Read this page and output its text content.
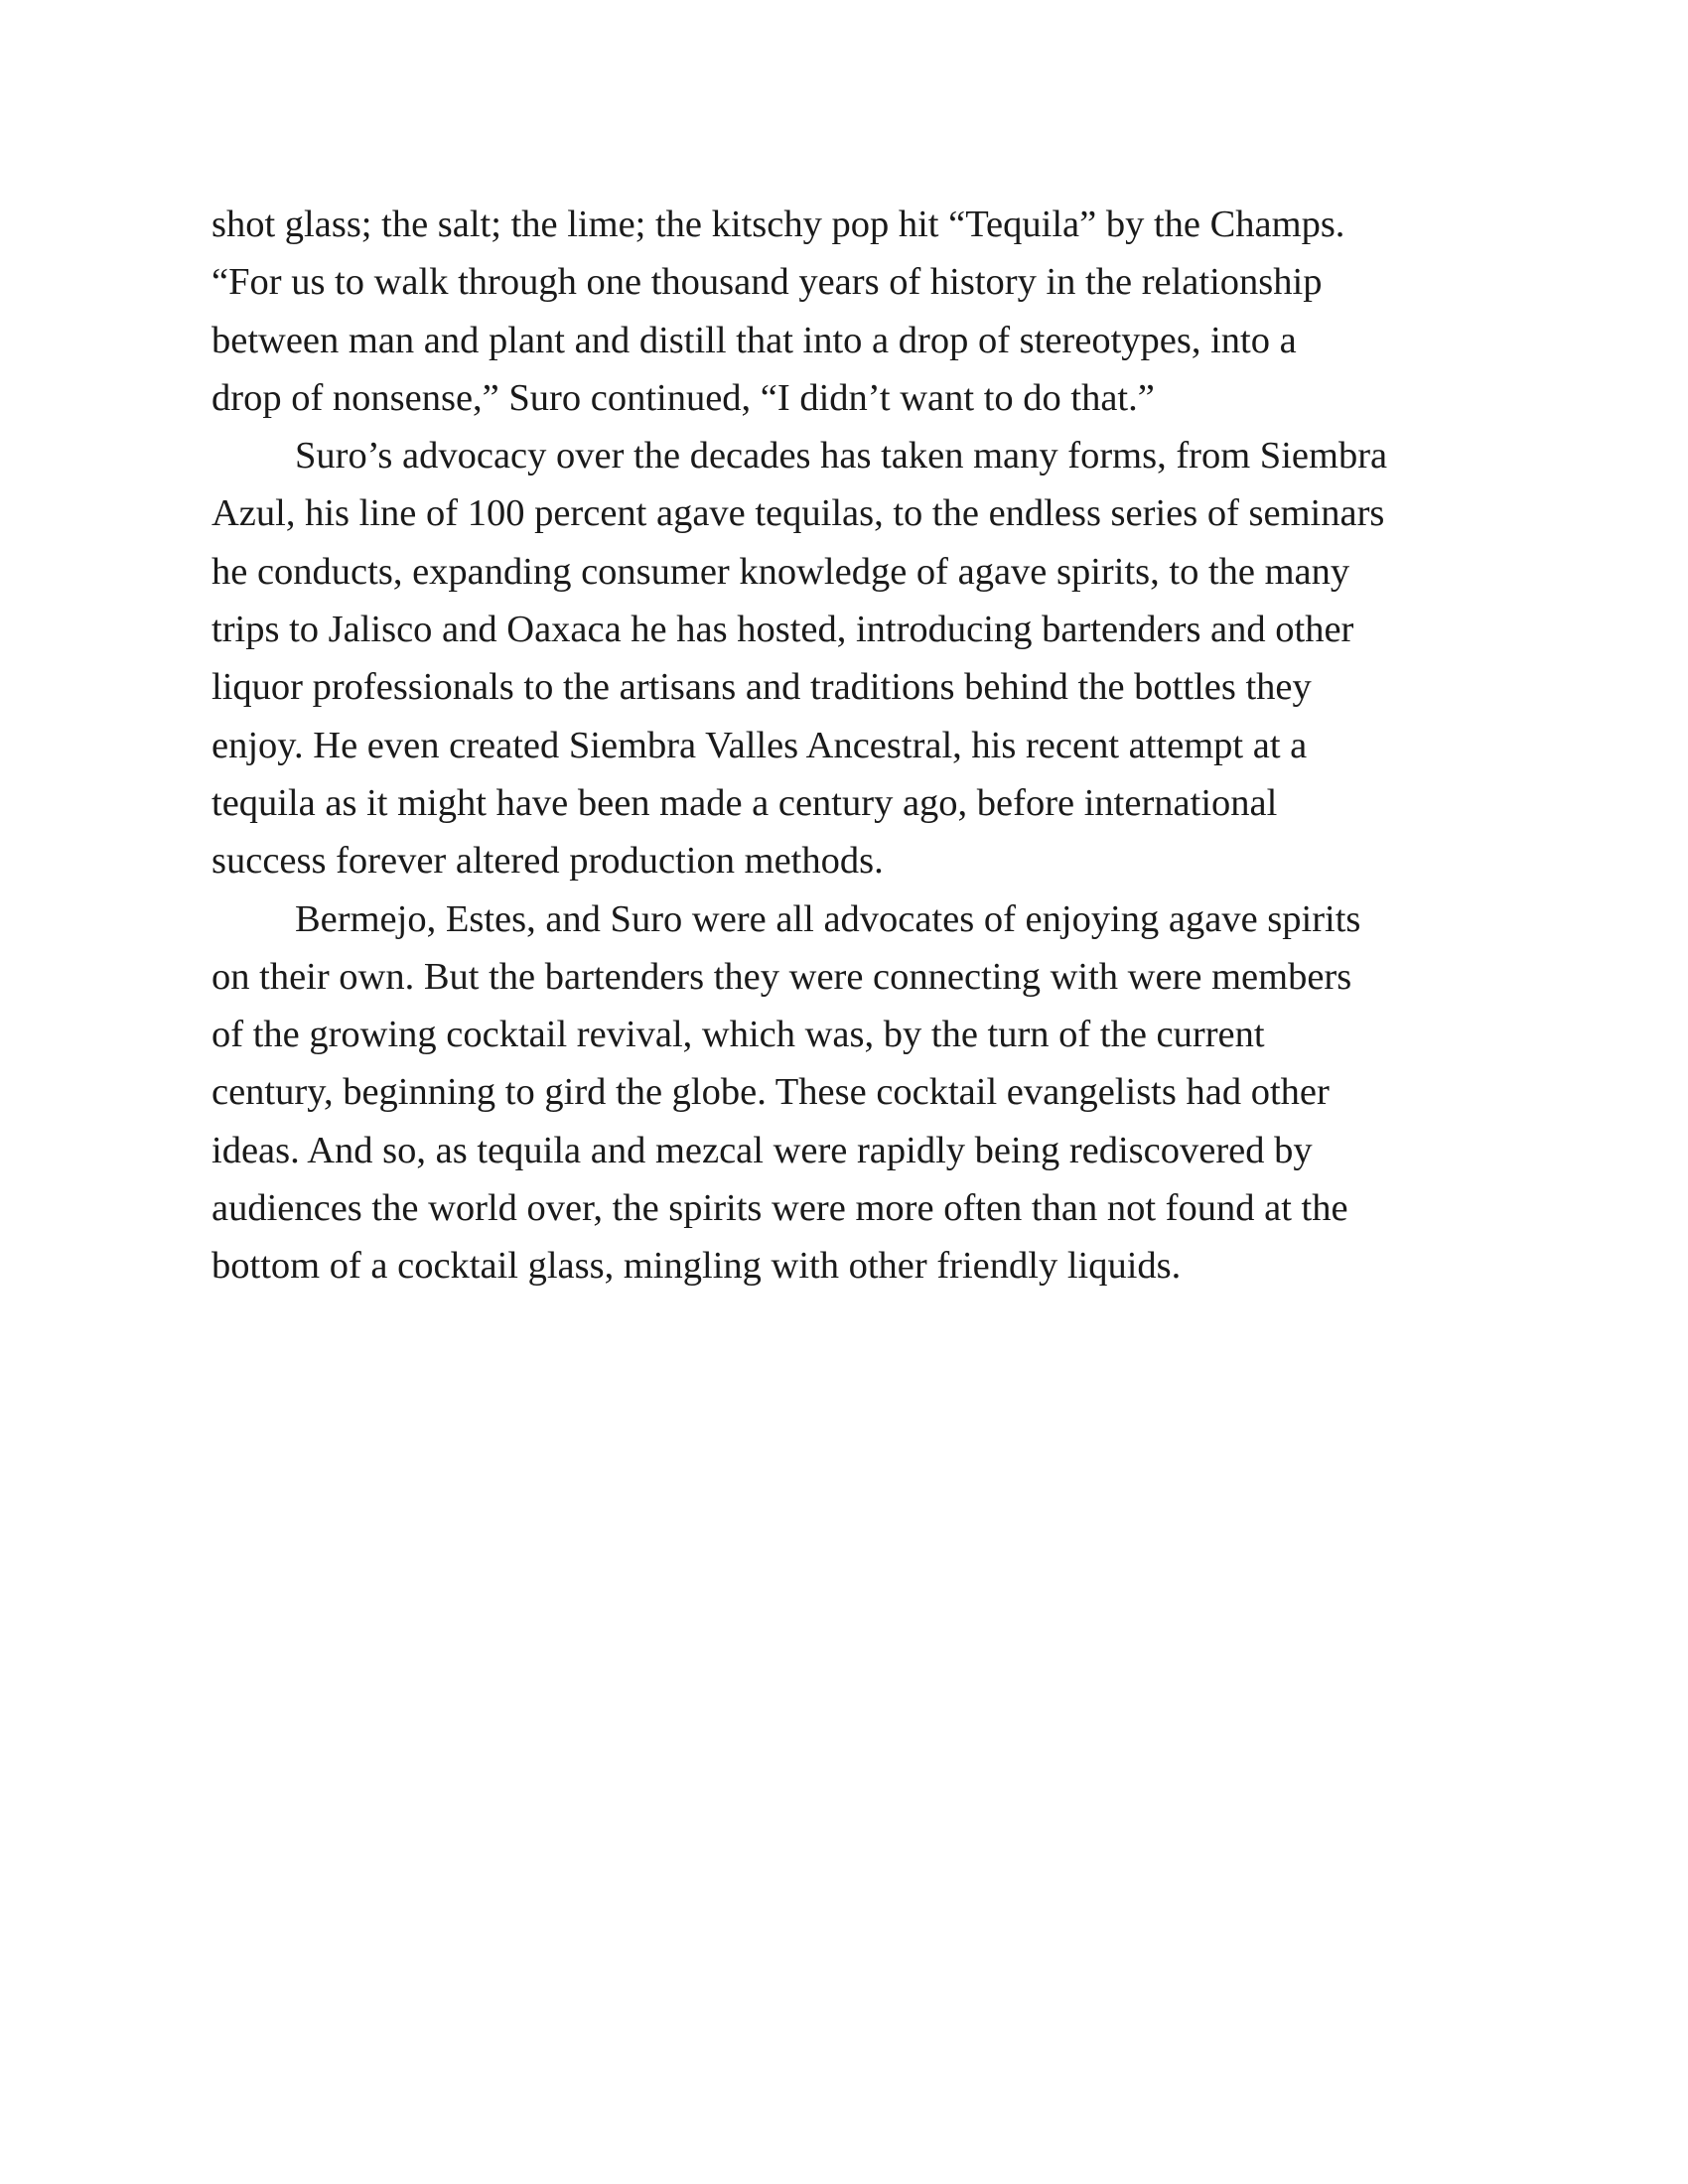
shot glass; the salt; the lime; the kitschy pop hit “Tequila” by the Champs.
“For us to walk through one thousand years of history in the relationship
between man and plant and distill that into a drop of stereotypes, into a
drop of nonsense,” Suro continued, “I didn’t want to do that.”

Suro’s advocacy over the decades has taken many forms, from Siembra
Azul, his line of 100 percent agave tequilas, to the endless series of seminars
he conducts, expanding consumer knowledge of agave spirits, to the many
trips to Jalisco and Oaxaca he has hosted, introducing bartenders and other
liquor professionals to the artisans and traditions behind the bottles they
enjoy. He even created Siembra Valles Ancestral, his recent attempt at a
tequila as it might have been made a century ago, before international
success forever altered production methods.

Bermejo, Estes, and Suro were all advocates of enjoying agave spirits
on their own. But the bartenders they were connecting with were members
of the growing cocktail revival, which was, by the turn of the current
century, beginning to gird the globe. These cocktail evangelists had other
ideas. And so, as tequila and mezcal were rapidly being rediscovered by
audiences the world over, the spirits were more often than not found at the
bottom of a cocktail glass, mingling with other friendly liquids.
